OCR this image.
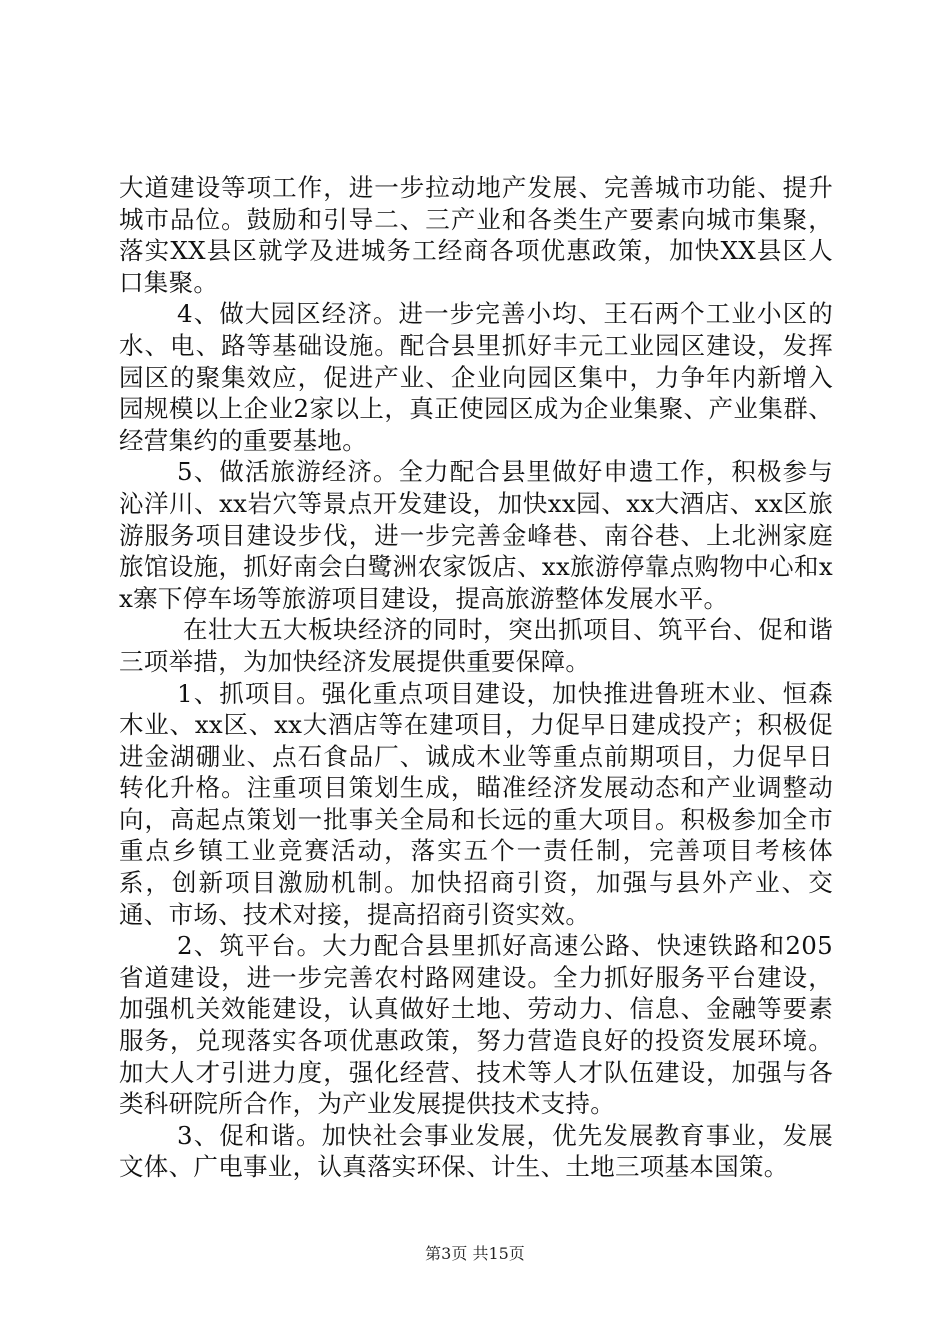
大道建设等项工作，进一步拉动地产发展、完善城市功能、提升城市品位。鼓励和引导二、三产业和各类生产要素向城市集聚，落实XX县区就学及进城务工经商各项优惠政策，加快XX县区人口集聚。

4、做大园区经济。进一步完善小均、王石两个工业小区的水、电、路等基础设施。配合县里抓好丰元工业园区建设，发挥园区的聚集效应，促进产业、企业向园区集中，力争年内新增入园规模以上企业2家以上，真正使园区成为企业集聚、产业集群、经营集约的重要基地。

5、做活旅游经济。全力配合县里做好申遗工作，积极参与沁洋川、xx岩穴等景点开发建设，加快xx园、xx大酒店、xx区旅游服务项目建设步伐，进一步完善金峰巷、南谷巷、上北洲家庭旅馆设施，抓好南会白鹭洲农家饭店、xx旅游停靠点购物中心和xx寨下停车场等旅游项目建设，提高旅游整体发展水平。

在壮大五大板块经济的同时，突出抓项目、筑平台、促和谐三项举措，为加快经济发展提供重要保障。

1、抓项目。强化重点项目建设，加快推进鲁班木业、恒森木业、xx区、xx大酒店等在建项目，力促早日建成投产；积极促进金湖硼业、点石食品厂、诚成木业等重点前期项目，力促早日转化升格。注重项目策划生成，瞄准经济发展动态和产业调整动向，高起点策划一批事关全局和长远的重大项目。积极参加全市重点乡镇工业竞赛活动，落实五个一责任制，完善项目考核体系，创新项目激励机制。加快招商引资，加强与县外产业、交通、市场、技术对接，提高招商引资实效。

2、筑平台。大力配合县里抓好高速公路、快速铁路和205省道建设，进一步完善农村路网建设。全力抓好服务平台建设，加强机关效能建设，认真做好土地、劳动力、信息、金融等要素服务，兑现落实各项优惠政策，努力营造良好的投资发展环境。加大人才引进力度，强化经营、技术等人才队伍建设，加强与各类科研院所合作，为产业发展提供技术支持。

3、促和谐。加快社会事业发展，优先发展教育事业，发展文体、广电事业，认真落实环保、计生、土地三项基本国策。

第3页 共15页
